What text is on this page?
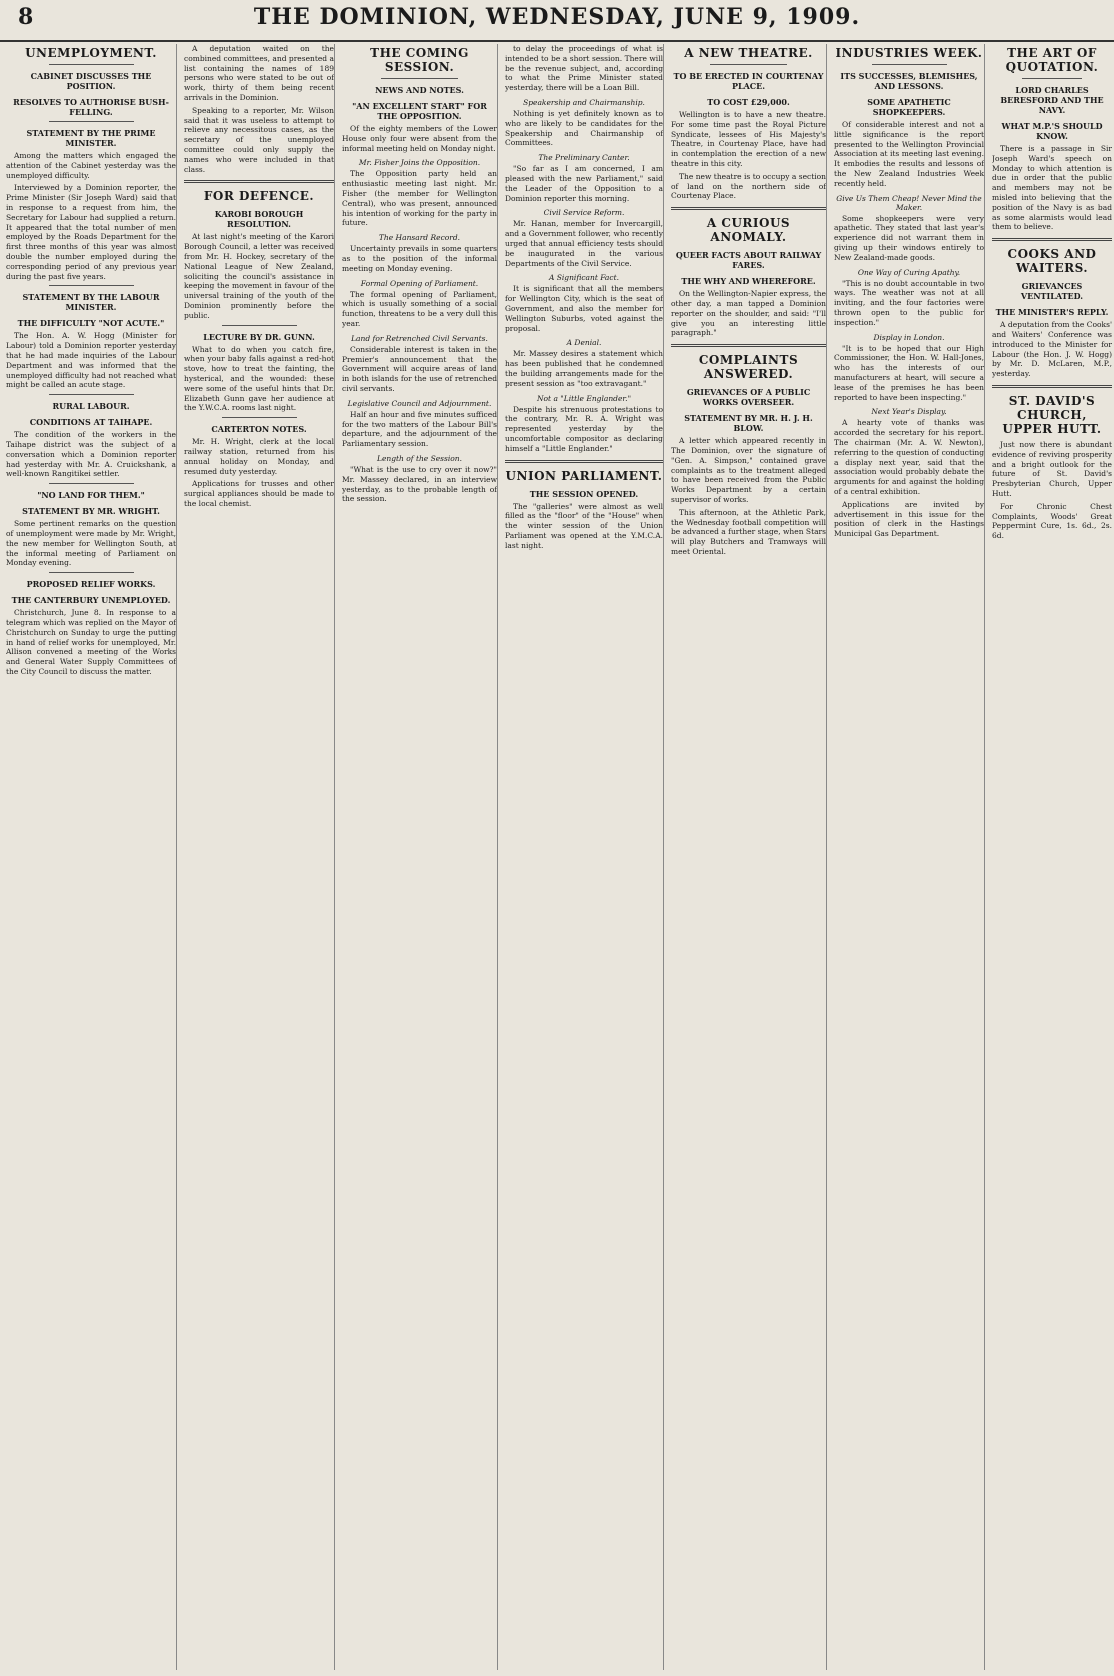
8	THE DOMINION, WEDNESDAY, JUNE 9, 1909.
UNEMPLOYMENT.
CABINET DISCUSSES THE POSITION.
RESOLVES TO AUTHORISE BUSH-FELLING.
STATEMENT BY THE PRIME MINISTER.

Among the matters which engaged the attention of the Cabinet yesterday was the unemployed difficulty.

Interviewed by a Dominion reporter, the Prime Minister (Sir Joseph Ward) said that in response to a request from him, the Secretary for Labour had supplied a return. It appeared that the total number of men employed by the Roads Department for the first three months of this year was almost double the number employed during the corresponding period of any previous year during the past five years.

STATEMENT BY THE LABOUR MINISTER.
THE DIFFICULTY "NOT ACUTE."

The Hon. A. W. Hogg (Minister for Labour) told a Dominion reporter yesterday that he had made inquiries of the Labour Department and was informed that the unemployed difficulty had not reached what might be called an acute stage.

RURAL LABOUR.
CONDITIONS AT TAIHAPE.

The condition of the workers in the Taihape district was the subject of a conversation which a Dominion reporter had yesterday with Mr. A. Cruickshank, a well-known Rangitikei settler.

"NO LAND FOR THEM."
STATEMENT BY MR. WRIGHT.

Some pertinent remarks on the question of unemployment were made by Mr. Wright, the new member for Wellington South, at the informal meeting of Parliament on Monday evening.

PROPOSED RELIEF WORKS.
THE CANTERBURY UNEMPLOYED.

Christchurch, June 8. In response to a telegram which was replied on the Mayor of Christchurch on Sunday to urge the putting in hand of relief works for unemployed, Mr. Allison convened a meeting of the Works and General Water Supply Committees of the City Council to discuss the matter.

A deputation waited on the combined committees, and presented a list containing the names of 189 persons who were stated to be out of work, thirty of them being recent arrivals in the Dominion.

Speaking to a reporter, Mr. Wilson said that it was useless to attempt to relieve any necessitous cases, as the secretary of the unemployed committee could only supply the names who were included in that class.

FOR DEFENCE.
KAROBI BOROUGH RESOLUTION.

At last night's meeting of the Karori Borough Council, a letter was received from Mr. H. Hockey, secretary of the National League of New Zealand, soliciting the council's assistance in keeping the movement in favour of the universal training of the youth of the Dominion prominently before the public.

LECTURE BY DR. GUNN.

What to do when you catch fire, when your baby falls against a red-hot stove, how to treat the fainting, the hysterical, and the wounded: these were some of the useful hints that Dr. Elizabeth Gunn gave her audience at the Y.W.C.A. rooms last night.

CARTERTON NOTES.

Mr. H. Wright, clerk at the local railway station, returned from his annual holiday on Monday, and resumed duty yesterday.

Applications for trusses and other surgical appliances should be made to the local chemist.

THE COMING SESSION.
NEWS AND NOTES.
"AN EXCELLENT START" FOR THE OPPOSITION.

Of the eighty members of the Lower House only four were absent from the informal meeting held on Monday night.

Mr. Fisher Joins the Opposition.

The Opposition party held an enthusiastic meeting last night. Mr. Fisher (the member for Wellington Central), who was present, announced his intention of working for the party in future.

The Hansard Record.

Uncertainty prevails in some quarters as to the position of the informal meeting on Monday evening.

Formal Opening of Parliament.

The formal opening of Parliament, which is usually something of a social function, threatens to be a very dull this year.

Land for Retrenched Civil Servants.

Considerable interest is taken in the Premier's announcement that the Government will acquire areas of land in both islands for the use of retrenched civil servants.

Legislative Council and Adjournment.

Half an hour and five minutes sufficed for the two matters of the Labour Bill's departure, and the adjournment of the Parliamentary session.

Length of the Session.

"What is the use to cry over it now?" Mr. Massey declared, in an interview yesterday, as to the probable length of the session.

to delay the proceedings of what is intended to be a short session. There will be the revenue subject, and, according to what the Prime Minister stated yesterday, there will be a Loan Bill.

Speakership and Chairmanship.

Nothing is yet definitely known as to who are likely to be candidates for the Speakership and Chairmanship of Committees.

The Preliminary Canter.

"So far as I am concerned, I am pleased with the new Parliament," said the Leader of the Opposition to a Dominion reporter this morning.

Civil Service Reform.

Mr. Hanan, member for Invercargill, and a Government follower, who recently urged that annual efficiency tests should be inaugurated in the various Departments of the Civil Service.

A Significant Fact.

It is significant that all the members for Wellington City, which is the seat of Government, and also the member for Wellington Suburbs, voted against the proposal.

A Denial.

Mr. Massey desires a statement which has been published that he condemned the building arrangements made for the present session as "too extravagant."

Not a "Little Englander."

Despite his strenuous protestations to the contrary, Mr. R. A. Wright was represented yesterday by the uncomfortable compositor as declaring himself a "Little Englander."

UNION PARLIAMENT.
THE SESSION OPENED.

The "galleries" were almost as well filled as the "floor" of the "House" when the winter session of the Union Parliament was opened at the Y.M.C.A. last night.

A NEW THEATRE.
TO BE ERECTED IN COURTENAY PLACE.
TO COST £29,000.

Wellington is to have a new theatre. For some time past the Royal Picture Syndicate, lessees of His Majesty's Theatre, in Courtenay Place, have had in contemplation the erection of a new theatre in this city.

The new theatre is to occupy a section of land on the northern side of Courtenay Place.

A CURIOUS ANOMALY.
QUEER FACTS ABOUT RAILWAY FARES.
THE WHY AND WHEREFORE.

On the Wellington-Napier express, the other day, a man tapped a Dominion reporter on the shoulder, and said: "I'll give you an interesting little paragraph."

COMPLAINTS ANSWERED.
GRIEVANCES OF A PUBLIC WORKS OVERSEER.
STATEMENT BY MR. H. J. H. BLOW.

A letter which appeared recently in The Dominion, over the signature of "Gen. A. Simpson," contained grave complaints as to the treatment alleged to have been received from the Public Works Department by a certain supervisor of works.

This afternoon, at the Athletic Park, the Wednesday football competition will be advanced a further stage, when Stars will play Butchers and Tramways will meet Oriental.

INDUSTRIES WEEK.
ITS SUCCESSES, BLEMISHES, AND LESSONS.
SOME APATHETIC SHOPKEEPERS.

Of considerable interest and not a little significance is the report presented to the Wellington Provincial Association at its meeting last evening. It embodies the results and lessons of the New Zealand Industries Week recently held.

Give Us Them Cheap! Never Mind the Maker.

Some shopkeepers were very apathetic. They stated that last year's experience did not warrant them in giving up their windows entirely to New Zealand-made goods.

One Way of Curing Apathy.

"This is no doubt accountable in two ways. The weather was not at all inviting, and the four factories were thrown open to the public for inspection."

Display in London.

"It is to be hoped that our High Commissioner, the Hon. W. Hall-Jones, who has the interests of our manufacturers at heart, will secure a lease of the premises he has been reported to have been inspecting."

Next Year's Display.

A hearty vote of thanks was accorded the secretary for his report. The chairman (Mr. A. W. Newton), referring to the question of conducting a display next year, said that the association would probably debate the arguments for and against the holding of a central exhibition.

Applications are invited by advertisement in this issue for the position of clerk in the Hastings Municipal Gas Department.

THE ART OF QUOTATION.
LORD CHARLES BERESFORD AND THE NAVY.
WHAT M.P.'S SHOULD KNOW.

There is a passage in Sir Joseph Ward's speech on Monday to which attention is due in order that the public and members may not be misled into believing that the position of the Navy is as bad as some alarmists would lead them to believe.

COOKS AND WAITERS.
GRIEVANCES VENTILATED.
THE MINISTER'S REPLY.

A deputation from the Cooks' and Waiters' Conference was introduced to the Minister for Labour (the Hon. J. W. Hogg) by Mr. D. McLaren, M.P., yesterday.

ST. DAVID'S CHURCH, UPPER HUTT.

Just now there is abundant evidence of reviving prosperity and a bright outlook for the future of St. David's Presbyterian Church, Upper Hutt.

For Chronic Chest Complaints, Woods' Great Peppermint Cure, 1s. 6d., 2s. 6d.
